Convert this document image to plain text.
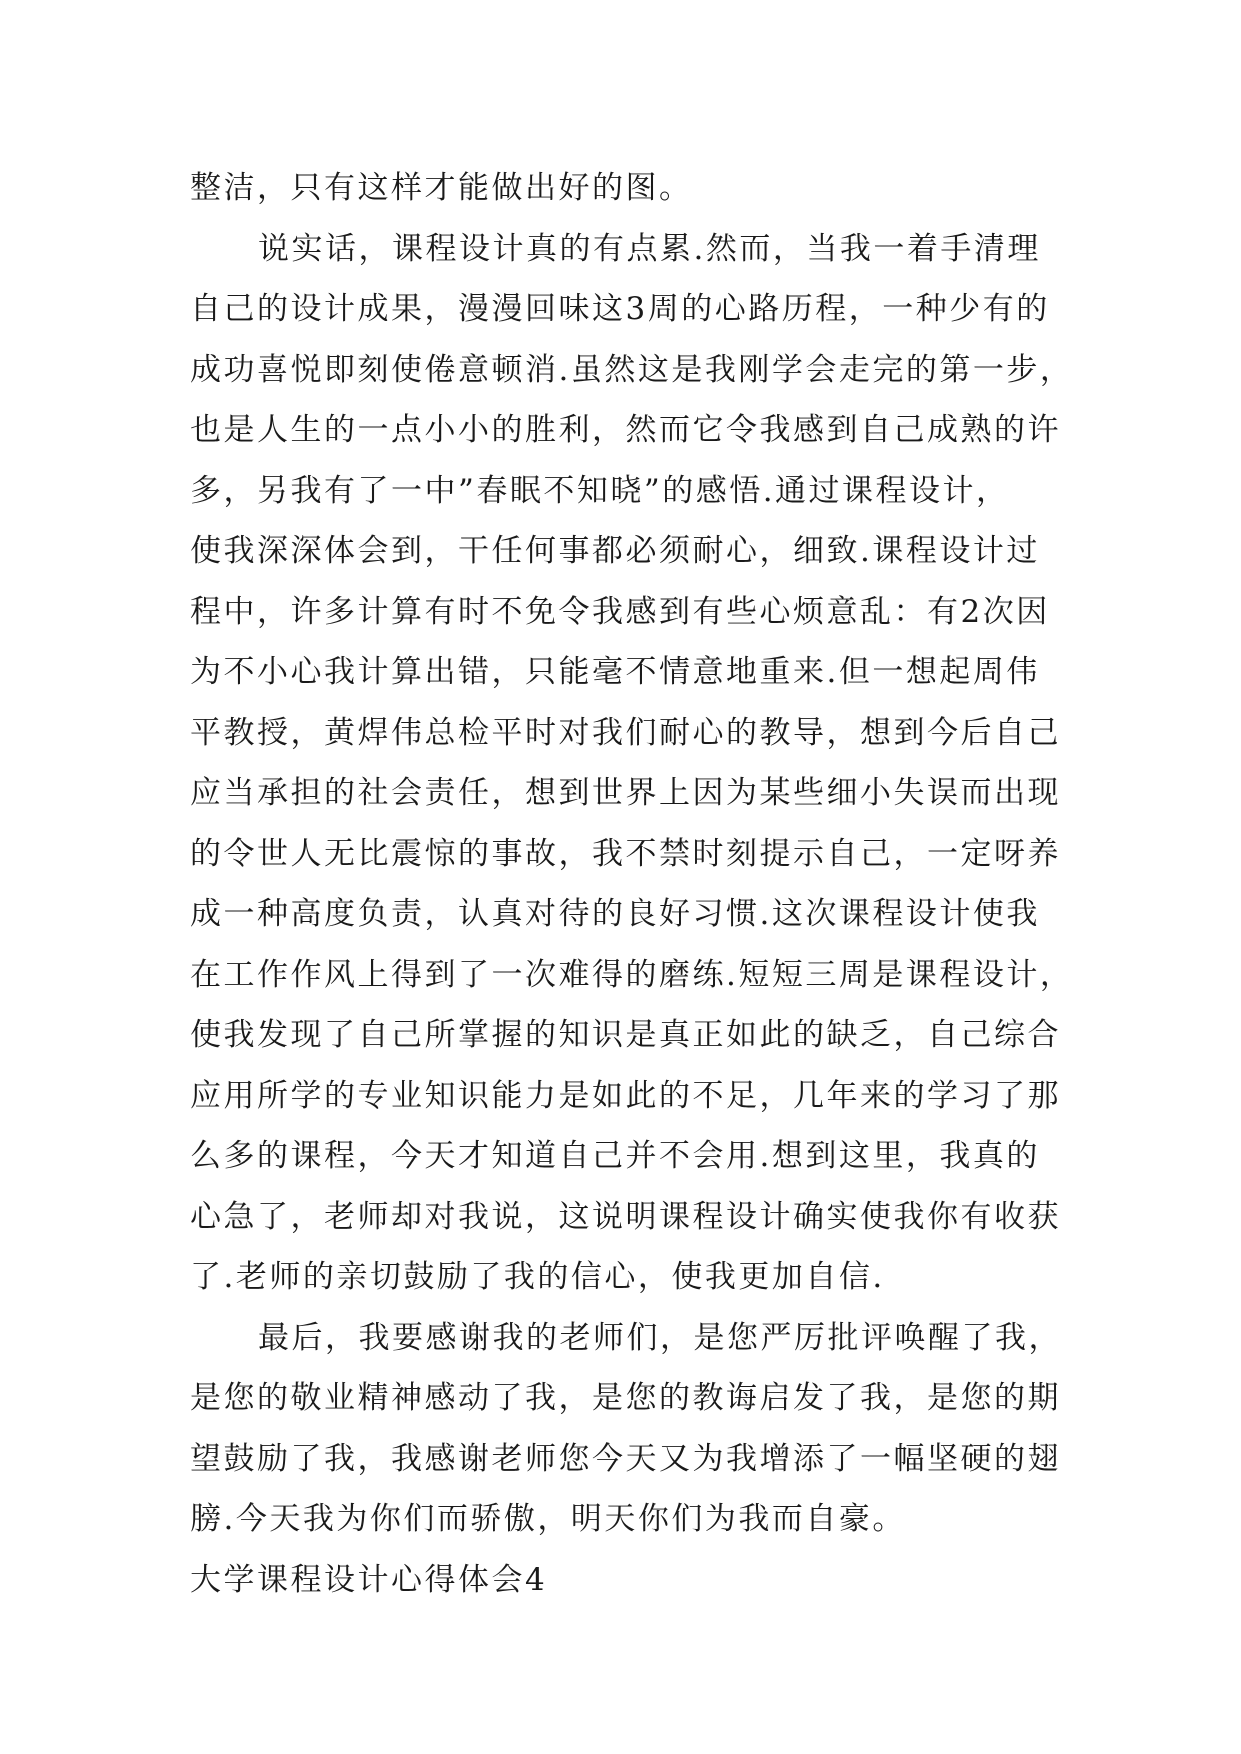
整洁，只有这样才能做出好的图。
说实话，课程设计真的有点累.然而，当我一着手清理
自己的设计成果，漫漫回味这3周的心路历程，一种少有的
成功喜悦即刻使倦意顿消.虽然这是我刚学会走完的第一步，
也是人生的一点小小的胜利，然而它令我感到自己成熟的许
多，另我有了一中”春眠不知晓”的感悟.通过课程设计，
使我深深体会到，干任何事都必须耐心，细致.课程设计过
程中，许多计算有时不免令我感到有些心烦意乱：有2次因
为不小心我计算出错，只能毫不情意地重来.但一想起周伟
平教授，黄焊伟总检平时对我们耐心的教导，想到今后自己
应当承担的社会责任，想到世界上因为某些细小失误而出现
的令世人无比震惊的事故，我不禁时刻提示自己，一定呀养
成一种高度负责，认真对待的良好习惯.这次课程设计使我
在工作作风上得到了一次难得的磨练.短短三周是课程设计，
使我发现了自己所掌握的知识是真正如此的缺乏，自己综合
应用所学的专业知识能力是如此的不足，几年来的学习了那
么多的课程，今天才知道自己并不会用.想到这里，我真的
心急了，老师却对我说，这说明课程设计确实使我你有收获
了.老师的亲切鼓励了我的信心，使我更加自信.
最后，我要感谢我的老师们，是您严厉批评唤醒了我，
是您的敬业精神感动了我，是您的教诲启发了我，是您的期
望鼓励了我，我感谢老师您今天又为我增添了一幅坚硬的翅
膀.今天我为你们而骄傲，明天你们为我而自豪。
大学课程设计心得体会4
